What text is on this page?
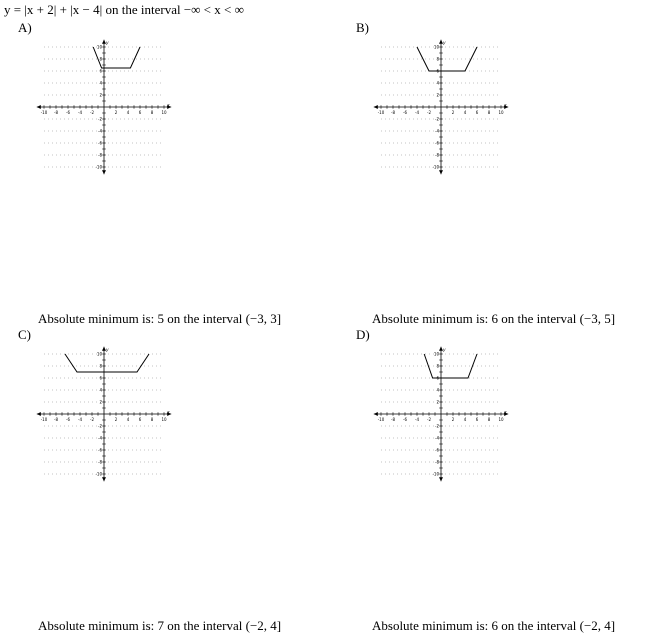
y = |x + 2| + |x − 4| on the interval −∞ < x < ∞
A)
-10 -8 -6 -4 -2	2 4 6 8 10
10
8
6
4
2
-2
-4
-6
-8
-10
x
y
Absolute minimum is: 5 on the interval (−3, 3]
B)
-10 -8 -6 -4 -2	2 4 6 8 10
10
8
6
4
2
-2
-4
-6
-8
-10
x
y
Absolute minimum is: 6 on the interval (−3, 5]
C)
-10 -8 -6 -4 -2	2 4 6 8 10
10
8
6
4
2
-2
-4
-6
-8
-10
x
y
Absolute minimum is: 7 on the interval (−2, 4]
D)
-10 -8 -6 -4 -2	2 4 6 8 10
10
8
6
4
2
-2
-4
-6
-8
-10
x
y
Absolute minimum is: 6 on the interval (−2, 4]
